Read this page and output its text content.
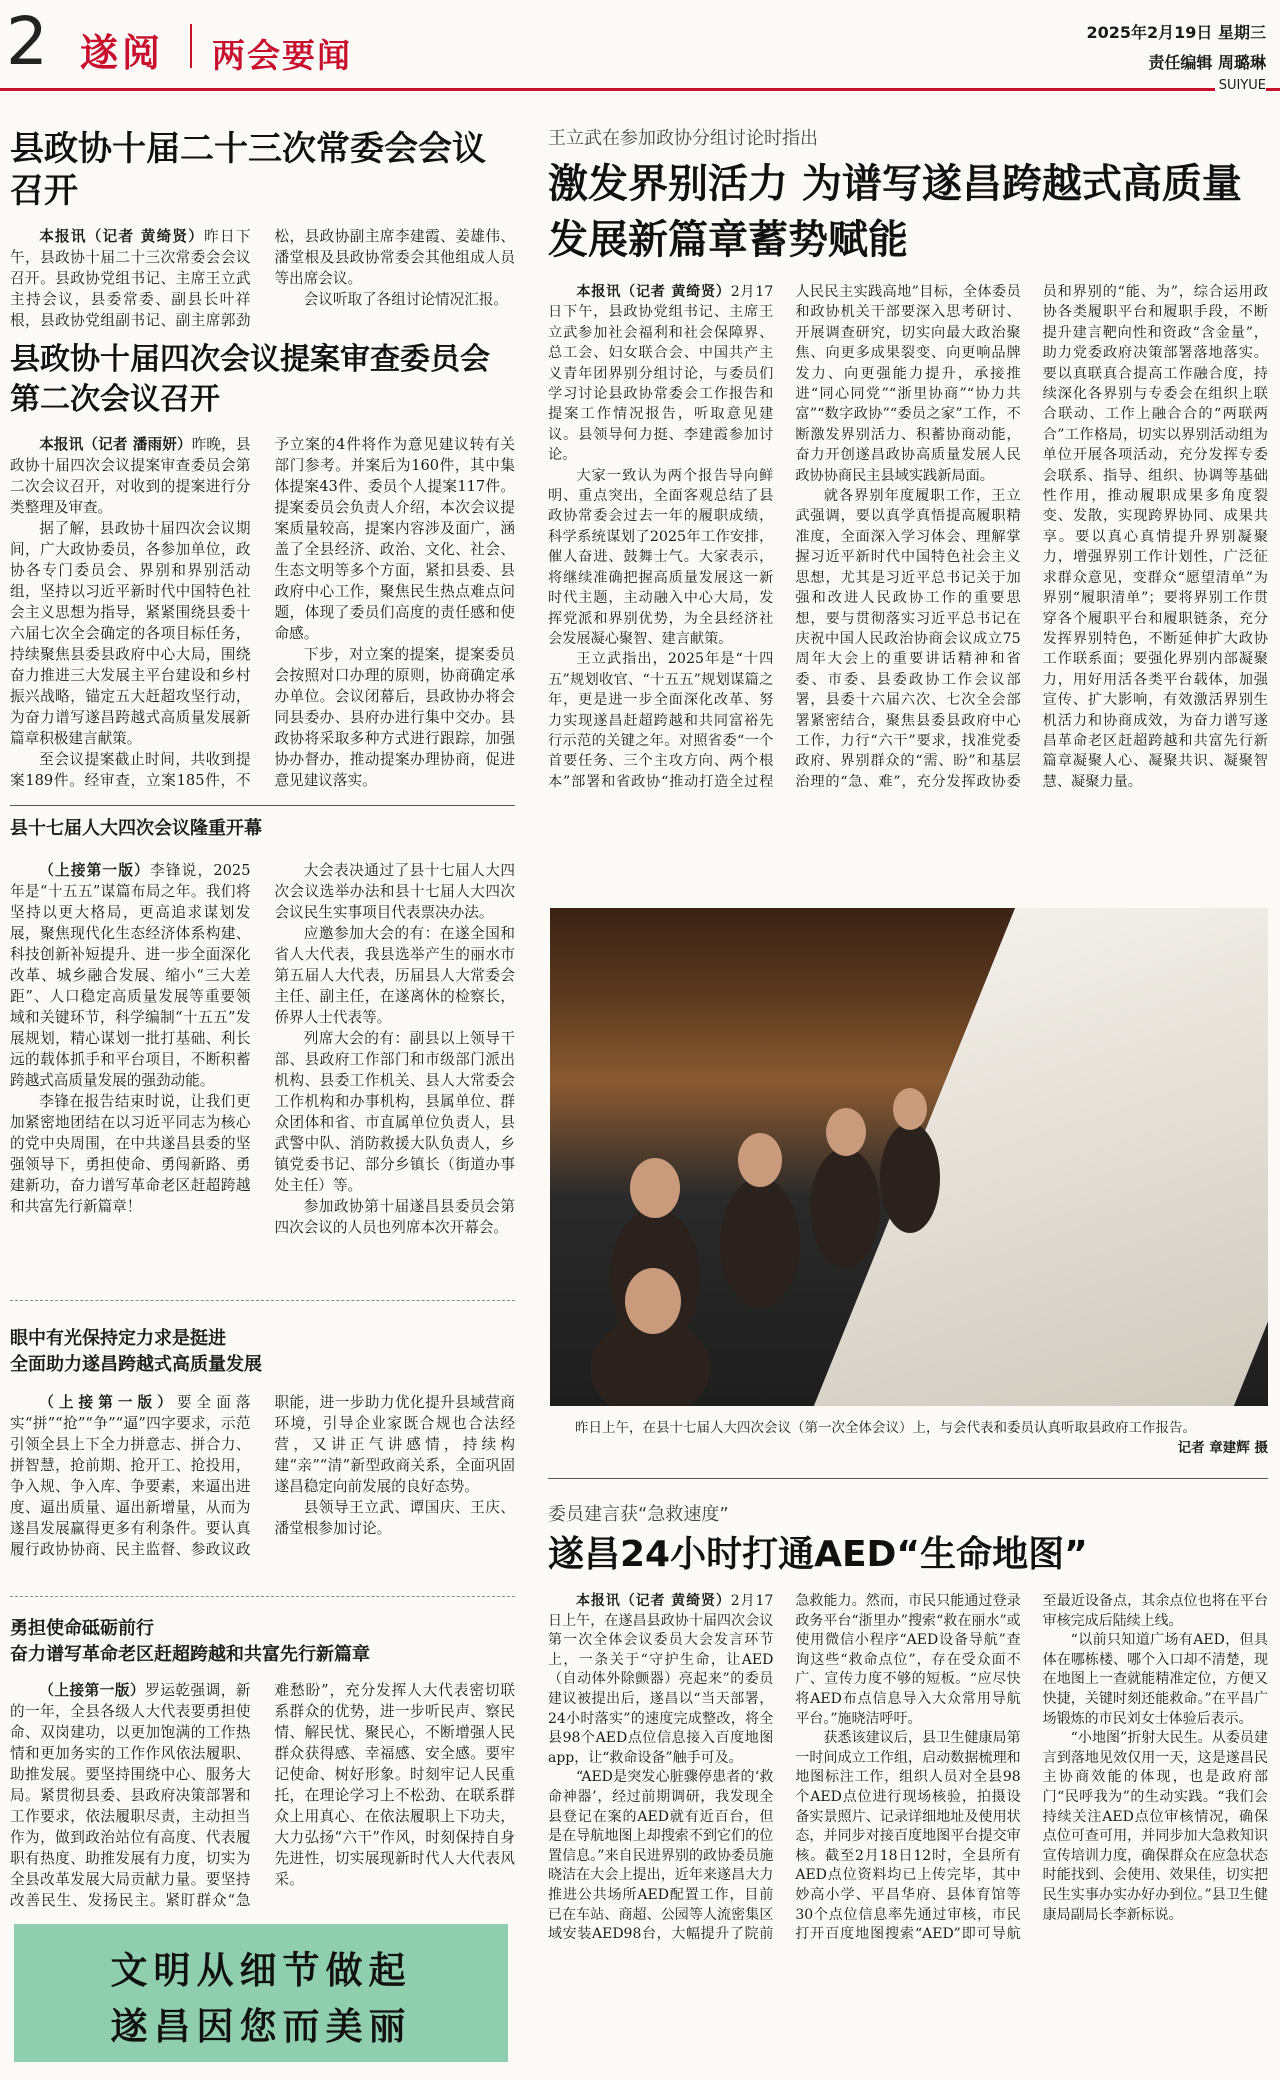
2 遂阅 两会要闻
2025年2月19日 星期三
责任编辑 周璐琳
SUIYUE
县政协十届二十三次常委会会议召开

本报讯（记者 黄绮贤）昨日下午，县政协十届二十三次常委会会议召开。县政协党组书记、主席王立武主持会议，县委常委、副县长叶祥根，县政协党组副书记、副主席郭劲松，县政协副主席李建霞、姜雄伟、潘堂根及县政协常委会其他组成人员等出席会议。

会议听取了各组讨论情况汇报。

县政协十届四次会议提案审查委员会第二次会议召开

本报讯（记者 潘雨妍）昨晚，县政协十届四次会议提案审查委员会第二次会议召开，对收到的提案进行分类整理及审查。

据了解，县政协十届四次会议期间，广大政协委员，各参加单位，政协各专门委员会、界别和界别活动组，坚持以习近平新时代中国特色社会主义思想为指导，紧紧围绕县委十六届七次全会确定的各项目标任务，持续聚焦县委县政府中心大局，围绕奋力推进三大发展主平台建设和乡村振兴战略，锚定五大赶超攻坚行动，为奋力谱写遂昌跨越式高质量发展新篇章积极建言献策。

至会议提案截止时间，共收到提案189件。经审查，立案185件，不予立案的4件将作为意见建议转有关部门参考。并案后为160件，其中集体提案43件、委员个人提案117件。提案委员会负责人介绍，本次会议提案质量较高，提案内容涉及面广，涵盖了全县经济、政治、文化、社会、生态文明等多个方面，紧扣县委、县政府中心工作，聚焦民生热点难点问题，体现了委员们高度的责任感和使命感。

下步，对立案的提案，提案委员会按照对口办理的原则，协商确定承办单位。会议闭幕后，县政协办将会同县委办、县府办进行集中交办。县政协将采取多种方式进行跟踪，加强协办督办，推动提案办理协商，促进意见建议落实。

县十七届人大四次会议隆重开幕

（上接第一版）李锋说，2025年是“十五五”谋篇布局之年。我们将坚持以更大格局，更高追求谋划发展，聚焦现代化生态经济体系构建、科技创新补短提升、进一步全面深化改革、城乡融合发展、缩小“三大差距”、人口稳定高质量发展等重要领域和关键环节，科学编制“十五五”发展规划，精心谋划一批打基础、利长远的载体抓手和平台项目，不断积蓄跨越式高质量发展的强劲动能。

李锋在报告结束时说，让我们更加紧密地团结在以习近平同志为核心的党中央周围，在中共遂昌县委的坚强领导下，勇担使命、勇闯新路、勇建新功，奋力谱写革命老区赶超跨越和共富先行新篇章！

大会表决通过了县十七届人大四次会议选举办法和县十七届人大四次会议民生实事项目代表票决办法。

应邀参加大会的有：在遂全国和省人大代表，我县选举产生的丽水市第五届人大代表，历届县人大常委会主任、副主任，在遂离休的检察长，侨界人士代表等。

列席大会的有：副县以上领导干部、县政府工作部门和市级部门派出机构、县委工作机关、县人大常委会工作机构和办事机构，县属单位、群众团体和省、市直属单位负责人，县武警中队、消防救援大队负责人，乡镇党委书记、部分乡镇长（街道办事处主任）等。

参加政协第十届遂昌县委员会第四次会议的人员也列席本次开幕会。

眼中有光保持定力求是挺进
全面助力遂昌跨越式高质量发展

（上接第一版）要全面落实“拼”“抢”“争”“逼”四字要求，示范引领全县上下全力拼意志、拼合力、拼智慧，抢前期、抢开工、抢投用，争入规、争入库、争要素，来逼出进度、逼出质量、逼出新增量，从而为遂昌发展赢得更多有利条件。要认真履行政协协商、民主监督、参政议政职能，进一步助力优化提升县域营商环境，引导企业家既合规也合法经营，又讲正气讲感情，持续构建“亲”“清”新型政商关系，全面巩固遂昌稳定向前发展的良好态势。

县领导王立武、谭国庆、王庆、潘堂根参加讨论。

勇担使命砥砺前行
奋力谱写革命老区赶超跨越和共富先行新篇章

（上接第一版）罗运乾强调，新的一年，全县各级人大代表要勇担使命、双岗建功，以更加饱满的工作热情和更加务实的工作作风依法履职、助推发展。要坚持围绕中心、服务大局。紧贯彻县委、县政府决策部署和工作要求，依法履职尽责，主动担当作为，做到政治站位有高度、代表履职有热度、助推发展有力度，切实为全县改革发展大局贡献力量。要坚持改善民生、发扬民主。紧盯群众“急难愁盼”，充分发挥人大代表密切联系群众的优势，进一步听民声、察民情、解民忧、聚民心，不断增强人民群众获得感、幸福感、安全感。要牢记使命、树好形象。时刻牢记人民重托，在理论学习上不松劲、在联系群众上用真心、在依法履职上下功夫，大力弘扬“六干”作风，时刻保持自身先进性，切实展现新时代人大代表风采。

文明从细节做起
遂昌因您而美丽
王立武在参加政协分组讨论时指出
激发界别活力 为谱写遂昌跨越式高质量
发展新篇章蓄势赋能

本报讯（记者 黄绮贤）2月17日下午，县政协党组书记、主席王立武参加社会福利和社会保障界、总工会、妇女联合会、中国共产主义青年团界别分组讨论，与委员们学习讨论县政协常委会工作报告和提案工作情况报告，听取意见建议。县领导何力挺、李建霞参加讨论。

大家一致认为两个报告导向鲜明、重点突出，全面客观总结了县政协常委会过去一年的履职成绩，科学系统谋划了2025年工作安排，催人奋进、鼓舞士气。大家表示，将继续准确把握高质量发展这一新时代主题，主动融入中心大局，发挥党派和界别优势，为全县经济社会发展凝心聚智、建言献策。

王立武指出，2025年是“十四五”规划收官、“十五五”规划谋篇之年，更是进一步全面深化改革、努力实现遂昌赶超跨越和共同富裕先行示范的关键之年。对照省委“一个首要任务、三个主攻方向、两个根本”部署和省政协“推动打造全过程人民民主实践高地”目标，全体委员和政协机关干部要深入思考研讨、开展调查研究，切实向最大政治聚焦、向更多成果裂变、向更响品牌发力、向更强能力提升，承接推进“同心同党”“浙里协商”“协力共富”“数字政协”“委员之家”工作，不断激发界别活力、积蓄协商动能，奋力开创遂昌政协高质量发展人民政协协商民主县域实践新局面。

就各界别年度履职工作，王立武强调，要以真学真悟提高履职精准度，全面深入学习体会、理解掌握习近平新时代中国特色社会主义思想，尤其是习近平总书记关于加强和改进人民政协工作的重要思想，要与贯彻落实习近平总书记在庆祝中国人民政治协商会议成立75周年大会上的重要讲话精神和省委、市委、县委政协工作会议部署，县委十六届六次、七次全会部署紧密结合，聚焦县委县政府中心工作，力行“六干”要求，找准党委政府、界别群众的“需、盼”和基层治理的“急、难”，充分发挥政协委员和界别的“能、为”，综合运用政协各类履职平台和履职手段，不断提升建言靶向性和资政“含金量”，助力党委政府决策部署落地落实。要以真联真合提高工作融合度，持续深化各界别与专委会在组织上联合联动、工作上融合合的“两联两合”工作格局，切实以界别活动组为单位开展各项活动，充分发挥专委会联系、指导、组织、协调等基础性作用，推动履职成果多角度裂变、发散，实现跨界协同、成果共享。要以真心真情提升界别凝聚力，增强界别工作计划性，广泛征求群众意见，变群众“愿望清单”为界别“履职清单”；要将界别工作贯穿各个履职平台和履职链条，充分发挥界别特色，不断延伸扩大政协工作联系面；要强化界别内部凝聚力，用好用活各类平台载体，加强宣传、扩大影响，有效激活界别生机活力和协商成效，为奋力谱写遂昌革命老区赶超跨越和共富先行新篇章凝聚人心、凝聚共识、凝聚智慧、凝聚力量。

昨日上午，在县十七届人大四次会议（第一次全体会议）上，与会代表和委员认真听取县政府工作报告。
记者 章建辉 摄
委员建言获“急救速度”
遂昌24小时打通AED“生命地图”

本报讯（记者 黄绮贤）2月17日上午，在遂昌县政协十届四次会议第一次全体会议委员大会发言环节上，一条关于“守护生命，让AED（自动体外除颤器）亮起来”的委员建议被提出后，遂昌以“当天部署，24小时落实”的速度完成整改，将全县98个AED点位信息接入百度地图app，让“救命设备”触手可及。

“AED是突发心脏骤停患者的‘救命神器’，经过前期调研，我发现全县登记在案的AED就有近百台，但是在导航地图上却搜索不到它们的位置信息。”来自民进界别的政协委员施晓洁在大会上提出，近年来遂昌大力推进公共场所AED配置工作，目前已在车站、商超、公园等人流密集区域安装AED98台，大幅提升了院前急救能力。然而，市民只能通过登录政务平台“浙里办”搜索“救在丽水”或使用微信小程序“AED设备导航”查询这些“救命点位”，存在受众面不广、宣传力度不够的短板。“应尽快将AED布点信息导入大众常用导航平台。”施晓洁呼吁。

获悉该建议后，县卫生健康局第一时间成立工作组，启动数据梳理和地图标注工作，组织人员对全县98个AED点位进行现场核验，拍摄设备实景照片、记录详细地址及使用状态，并同步对接百度地图平台提交审核。截至2月18日12时，全县所有AED点位资料均已上传完毕，其中妙高小学、平昌华府、县体育馆等30个点位信息率先通过审核，市民打开百度地图搜索“AED”即可导航至最近设备点，其余点位也将在平台审核完成后陆续上线。

“以前只知道广场有AED，但具体在哪栋楼、哪个入口却不清楚，现在地图上一查就能精准定位，方便又快捷，关键时刻还能救命。”在平昌广场锻炼的市民刘女士体验后表示。

“小地图”折射大民生。从委员建言到落地见效仅用一天，这是遂昌民主协商效能的体现，也是政府部门“民呼我为”的生动实践。“我们会持续关注AED点位审核情况，确保点位可查可用，并同步加大急救知识宣传培训力度，确保群众在应急状态时能找到、会使用、效果佳，切实把民生实事办实办好办到位。”县卫生健康局副局长李新标说。
